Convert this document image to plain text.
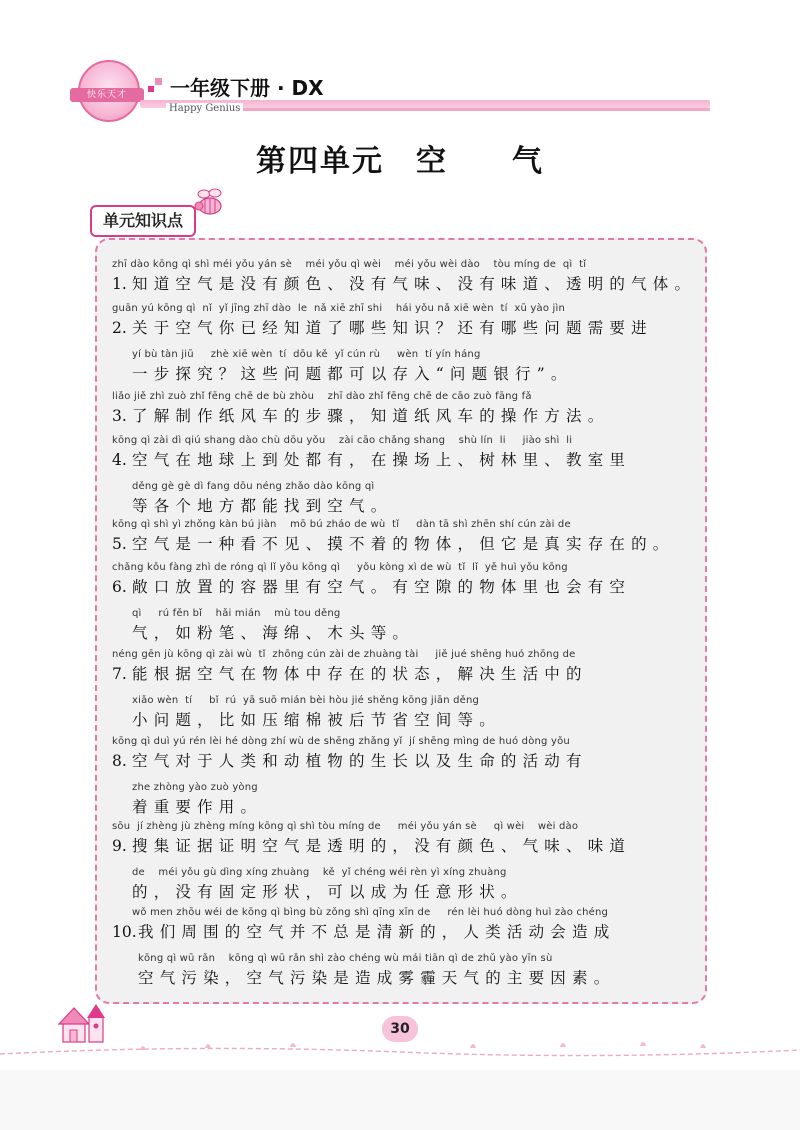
快乐天才	一年级下册 · DX
Happy Genius
第四单元　空　　气
单元知识点
zhī dào kōng qì shì méi yǒu yán sè    méi yǒu qì wèi    méi yǒu wèi dào    tòu míng de  qì  tǐ
1. 知道空气是没有颜色、没有气味、没有味道、透明的气体。
guān yú kōng qì  nǐ  yǐ jīng zhī dào  le  nǎ xiē zhī shi    hái yǒu nǎ xiē wèn  tí  xū yào jìn
2. 关于空气你已经知道了哪些知识？还有哪些问题需要进
yí bù tàn jiū     zhè xiē wèn  tí  dōu kě  yǐ cún rù     wèn  tí yín háng
一步探究？这些问题都可以存入“问题银行”。
liǎo jiě zhì zuò zhǐ fēng chē de bù zhòu    zhī dào zhǐ fēng chē de cāo zuò fāng fǎ
3. 了解制作纸风车的步骤，知道纸风车的操作方法。
kōng qì zài dì qiú shang dào chù dōu yǒu    zài cāo chǎng shang    shù lín  li     jiào shì  li
4. 空气在地球上到处都有，在操场上、树林里、教室里
děng gè gè dì fang dōu néng zhǎo dào kōng qì
等各个地方都能找到空气。
kōng qì shì yì zhǒng kàn bú jiàn    mō bú zháo de wù  tǐ     dàn tā shì zhēn shí cún zài de
5. 空气是一种看不见、摸不着的物体，但它是真实存在的。
chǎng kǒu fàng zhì de róng qì lǐ yǒu kōng qì     yǒu kòng xì de wù  tǐ  lǐ  yě huì yǒu kōng
6. 敞口放置的容器里有空气。有空隙的物体里也会有空
qì     rú fěn bǐ    hǎi mián    mù tou děng
气，如粉笔、海绵、木头等。
néng gēn jù kōng qì zài wù  tǐ  zhōng cún zài de zhuàng tài     jiě jué shēng huó zhōng de
7. 能根据空气在物体中存在的状态，解决生活中的
xiǎo wèn  tí     bǐ  rú  yā suō mián bèi hòu jié shěng kōng jiān děng
小问题，比如压缩棉被后节省空间等。
kōng qì duì yú rén lèi hé dòng zhí wù de shēng zhǎng yǐ  jí shēng mìng de huó dòng yǒu
8. 空气对于人类和动植物的生长以及生命的活动有
zhe zhòng yào zuò yòng
着重要作用。
sōu  jí zhèng jù zhèng míng kōng qì shì tòu míng de     méi yǒu yán sè     qì wèi    wèi dào
9. 搜集证据证明空气是透明的，没有颜色、气味、味道
de    méi yǒu gù dìng xíng zhuàng    kě  yǐ chéng wéi rèn yì xíng zhuàng
的，没有固定形状，可以成为任意形状。
wǒ men zhōu wéi de kōng qì bìng bù zǒng shì qīng xīn de     rén lèi huó dòng huì zào chéng
10.我们周围的空气并不总是清新的，人类活动会造成
kōng qì wū rǎn    kōng qì wū rǎn shì zào chéng wù mái tiān qì de zhǔ yào yīn sù
空气污染，空气污染是造成雾霾天气的主要因素。
30
